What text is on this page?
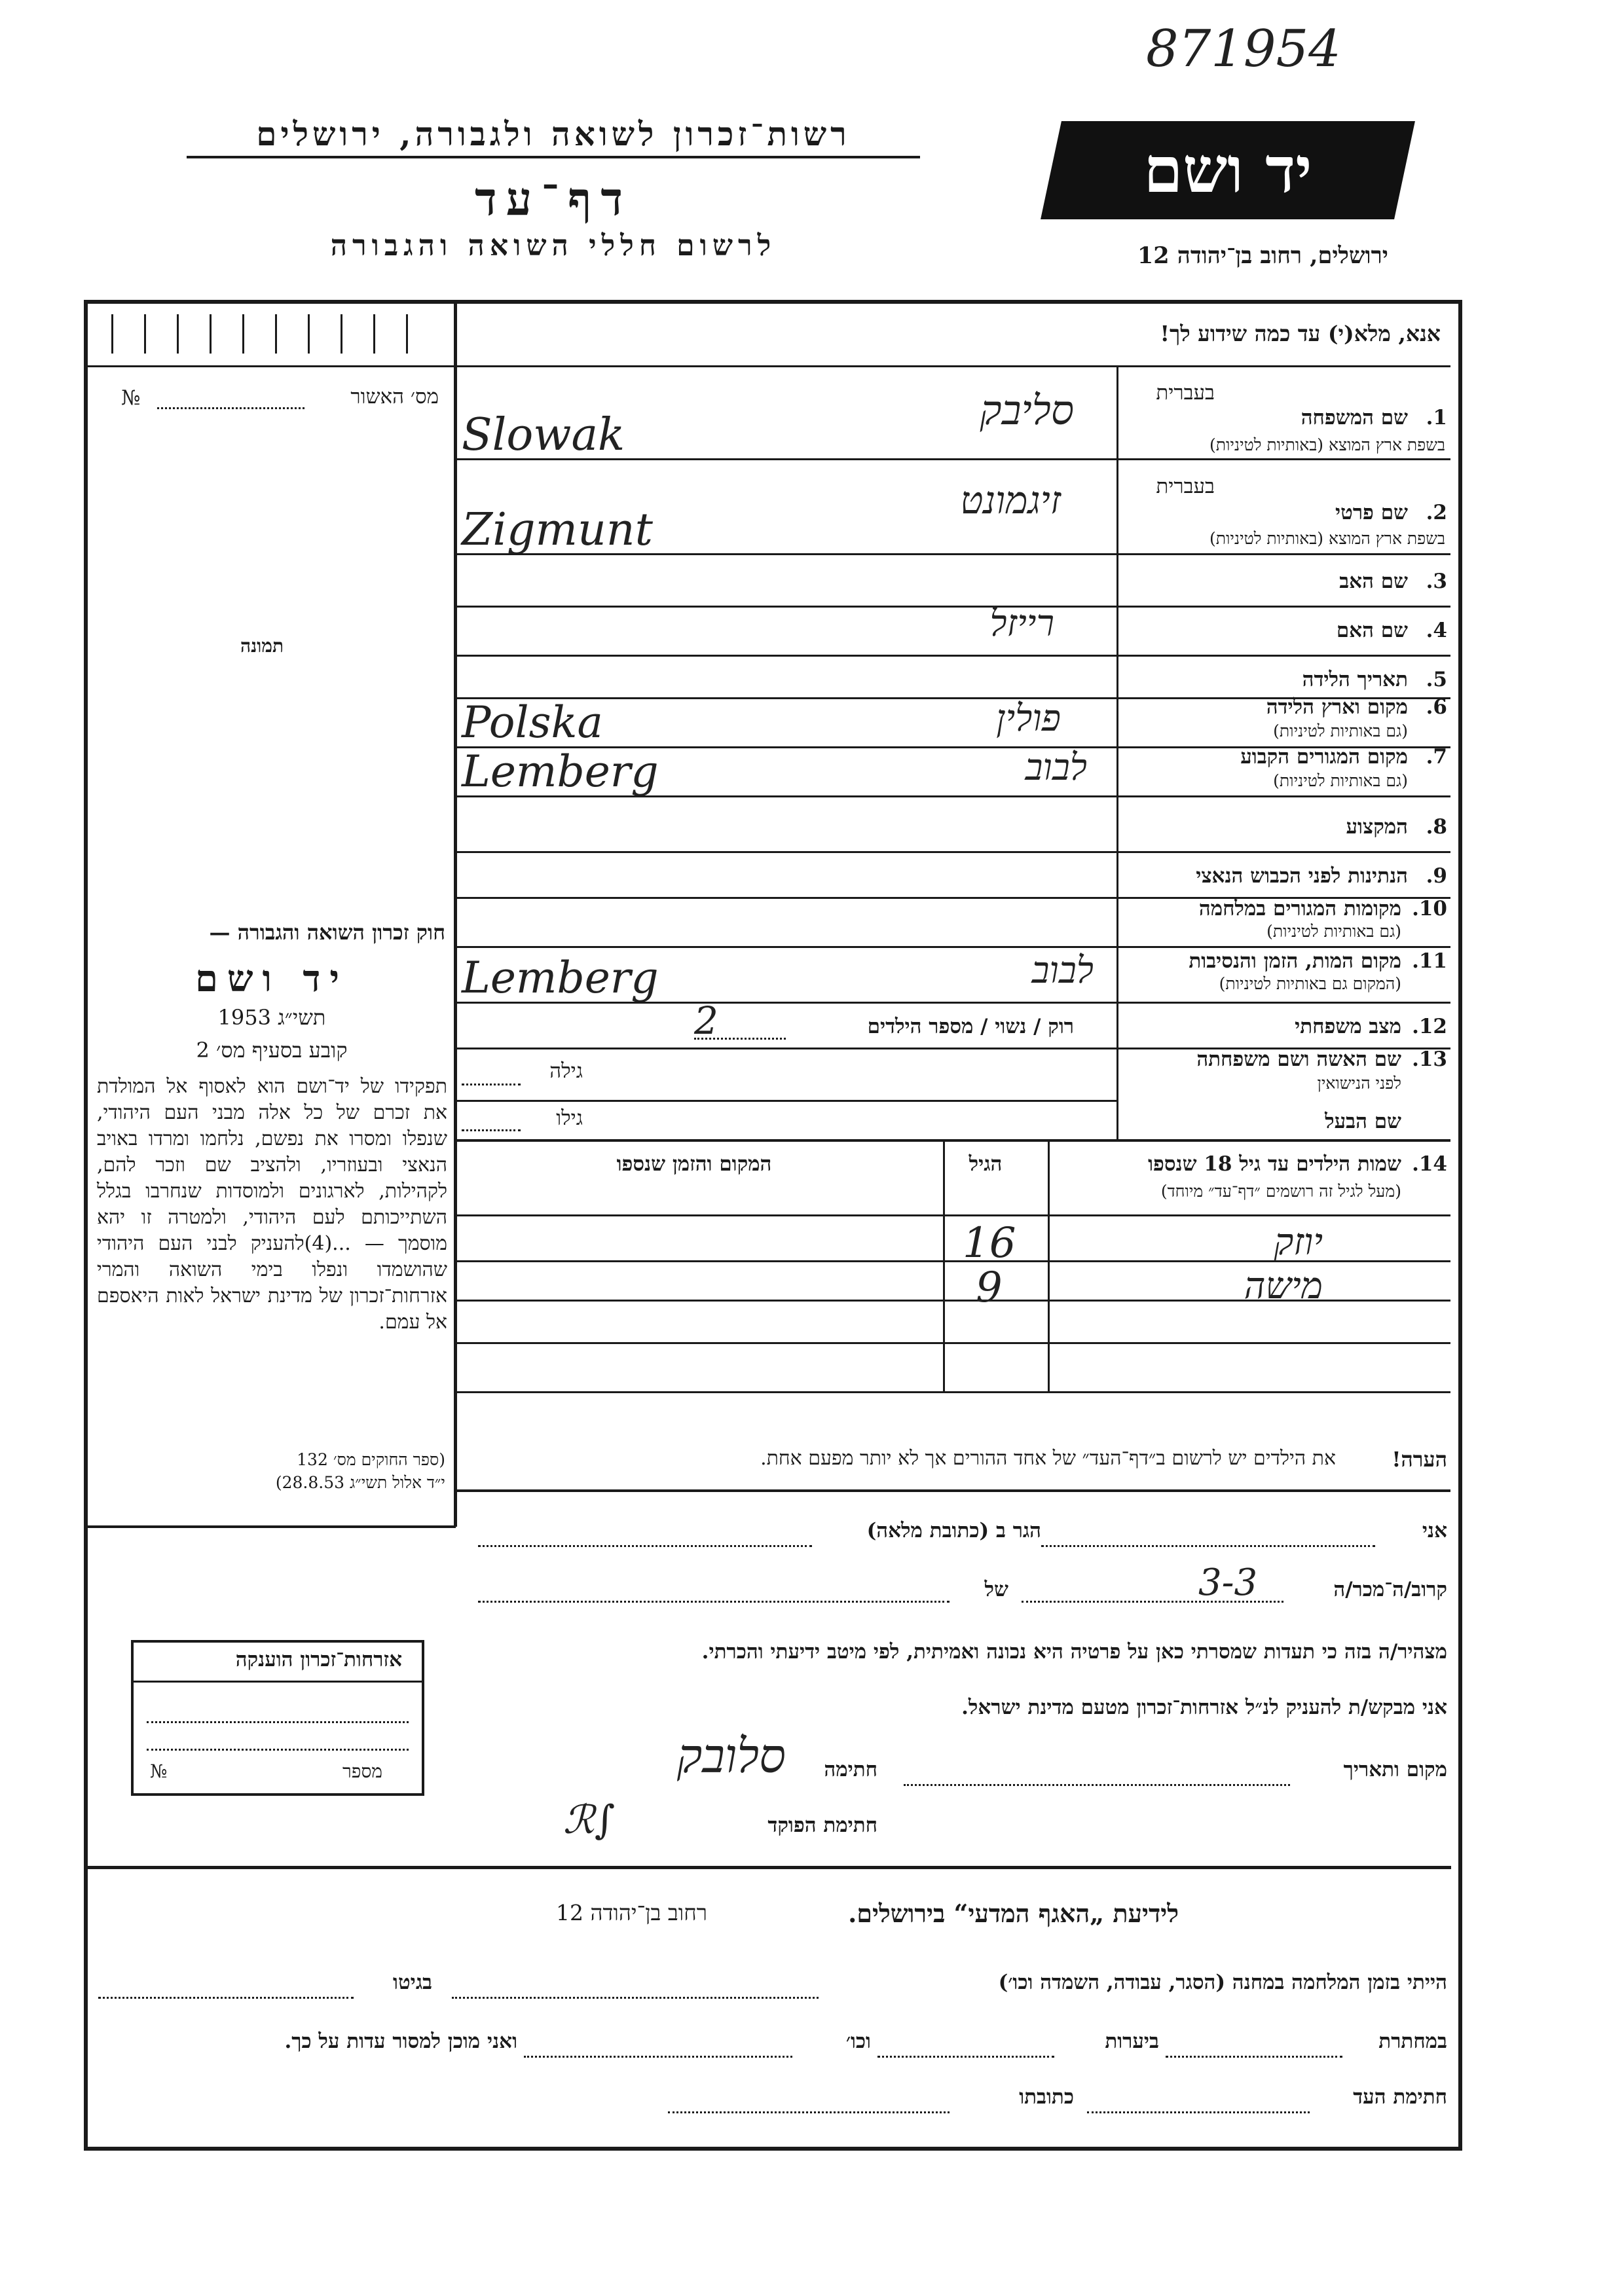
871954
רשות־זכרון לשואה ולגבורה, ירושלים
דף־עד
לרשום חללי השואה והגבורה
יד ושם
ירושלים, רחוב בן־יהודה 12
אנא, מלא(י) עד כמה שידוע לך!
מס׳ האשור
№
תמונה
חוק זכרון השואה והגבורה —
יד ושם
תשי״ג 1953
קובע בסעיף מס׳ 2
תפקידו של יד־ושם הוא לאסוף אל המולדת את זכרם של כל אלה מבני העם היהודי, שנפלו ומסרו את נפשם, נלחמו ומרדו באויב הנאצי ובעוזריו, ולהציב שם וזכר להם, לקהילות, לארגונים ולמוסדות שנחרבו בגלל השתייכותם לעם היהודי, ולמטרה זו יהא מוסמך — ...(4)להעניק לבני העם היהודי שהושמדו ונפלו בימי השואה והמרי אזרחות־זכרון של מדינת ישראל לאות היאספם אל עמם.
(ספר החוקים מס׳ 132
י״ד אלול תשי״ג 28.8.53)
אזרחות־זכרון הוענקה
מספר
№
בעברית
שם המשפחה 1.
בשפת ארץ המוצא (באותיות לטיניות)
סליבק
Slowak
בעברית
שם פרטי 2.
בשפת ארץ המוצא (באותיות לטיניות)
זיגמונט
Zigmunt
שם האב 3.
שם האם 4.
רייזל
תאריך הלידה 5.
מקום וארץ הלידה 6.
(גם באותיות לטיניות)
פולין
Polska
מקום המגורים הקבוע 7.
(גם באותיות לטיניות)
לבוב
Lemberg
המקצוע 8.
הנתינות לפני הכבוש הנאצי 9.
מקומות המגורים במלחמה 10.
(גם באותיות לטיניות)
מקום המות, הזמן והנסיבות 11.
(המקום גם באותיות לטיניות)
לבוב
Lemberg
מצב משפחתי 12.
רוק / נשוי / מספר הילדים
2
שם האשה ושם משפחתה 13.
לפני הנישואין
גילה
שם הבעל
גילו
שמות הילדים עד גיל 18 שנספו 14.
(מעל לגיל זה רושמים ״דף־עד״ מיוחד)
הגיל
המקום והזמן שנספו
יוזק
16
מישה
9
הערה!
את הילדים יש לרשום ב״דף־העד״ של אחד ההורים אך לא יותר מפעם אחת.
אני
הגר ב (כתובת מלאה)
קרוב/ה־מכר/ה
3-3
של
מצהיר/ה בזה כי תעדות שמסרתי כאן על פרטיה היא נכונה ואמיתית, לפי מיטב ידיעתי והכרתי.
אני מבקש/ת להעניק לנ״ל אזרחות־זכרון מטעם מדינת ישראל.
מקום ותאריך
חתימה
סלובק
חתימת הפוקד
ℛ∫
לידיעת „האגף המדעי“ בירושלים.
רחוב בן־יהודה 12
הייתי בזמן המלחמה במחנה (הסגר, עבודה, השמדה וכו׳)
בגיטו
במחתרת
ביערות
וכו׳
ואני מוכן למסור עדות על כך.
חתימת העד
כתובתו
